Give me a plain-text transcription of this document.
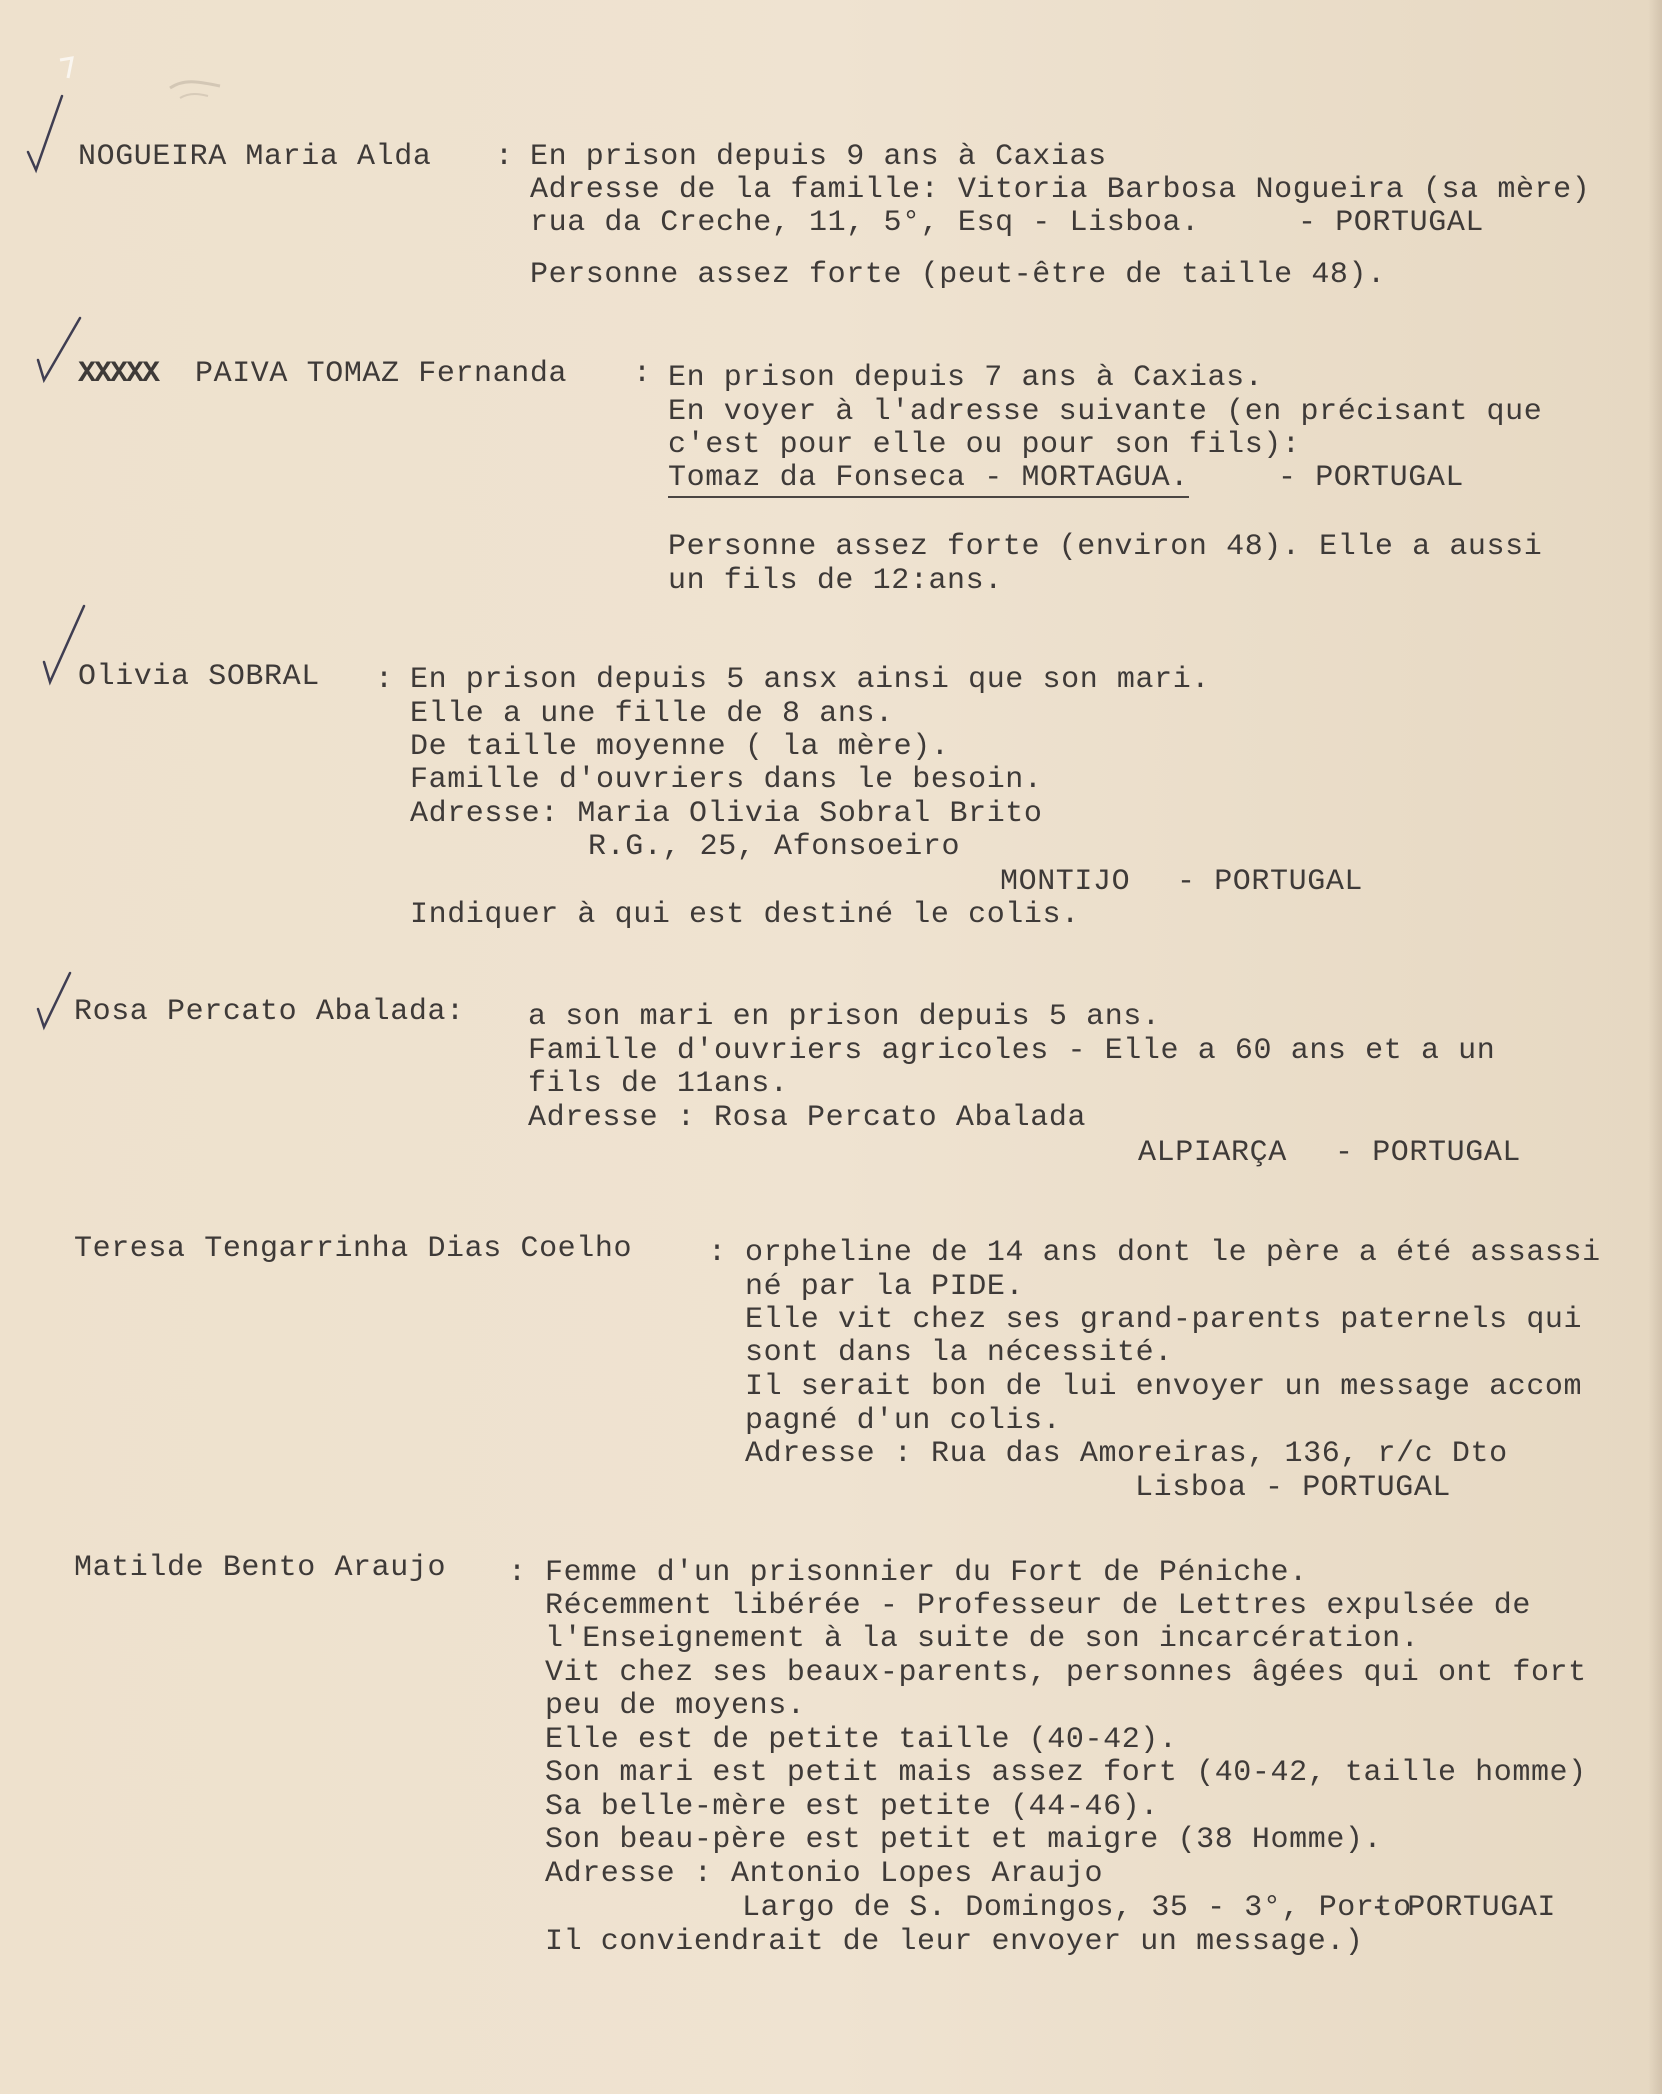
NOGUEIRA Maria Alda : En prison depuis 9 ans à Caxias
Adresse de la famille: Vitoria Barbosa Nogueira (sa mère)
rua da Creche, 11, 5°, Esq - Lisboa.	- PORTUGAL
Personne assez forte (peut-être de taille 48).
XXXXX PAIVA TOMAZ Fernanda : En prison depuis 7 ans à Caxias.
En voyer à l'adresse suivante (en précisant que
c'est pour elle ou pour son fils):
Tomaz da Fonseca - MORTAGUA.	- PORTUGAL
Personne assez forte (environ 48). Elle a aussi
un fils de 12:ans.
Olivia SOBRAL : En prison depuis 5 ansx ainsi que son mari.
Elle a une fille de 8 ans.
De taille moyenne ( la mère).
Famille d'ouvriers dans le besoin.
Adresse: Maria Olivia Sobral Brito
R.G., 25, Afonsoeiro
MONTIJO - PORTUGAL
Indiquer à qui est destiné le colis.
Rosa Percato Abalada: a son mari en prison depuis 5 ans.
Famille d'ouvriers agricoles - Elle a 60 ans et a un
fils de 11ans.
Adresse : Rosa Percato Abalada
ALPIARÇA - PORTUGAL
Teresa Tengarrinha Dias Coelho	: orpheline de 14 ans dont le père a été assassi
né par la PIDE.
Elle vit chez ses grand-parents paternels qui
sont dans la nécessité.
Il serait bon de lui envoyer un message accom
pagné d'un colis.
Adresse : Rua das Amoreiras, 136, r/c Dto
Lisboa - PORTUGAL
Matilde Bento Araujo : Femme d'un prisonnier du Fort de Péniche.
Récemment libérée - Professeur de Lettres expulsée de
l'Enseignement à la suite de son incarcération.
Vit chez ses beaux-parents, personnes âgées qui ont fort
peu de moyens.
Elle est de petite taille (40-42).
Son mari est petit mais assez fort (40-42, taille homme)
Sa belle-mère est petite (44-46).
Son beau-père est petit et maigre (38 Homme).
Adresse : Antonio Lopes Araujo
Largo de S. Domingos, 35 - 3°, Porto
- PORTUGAI
Il conviendrait de leur envoyer un message.)
